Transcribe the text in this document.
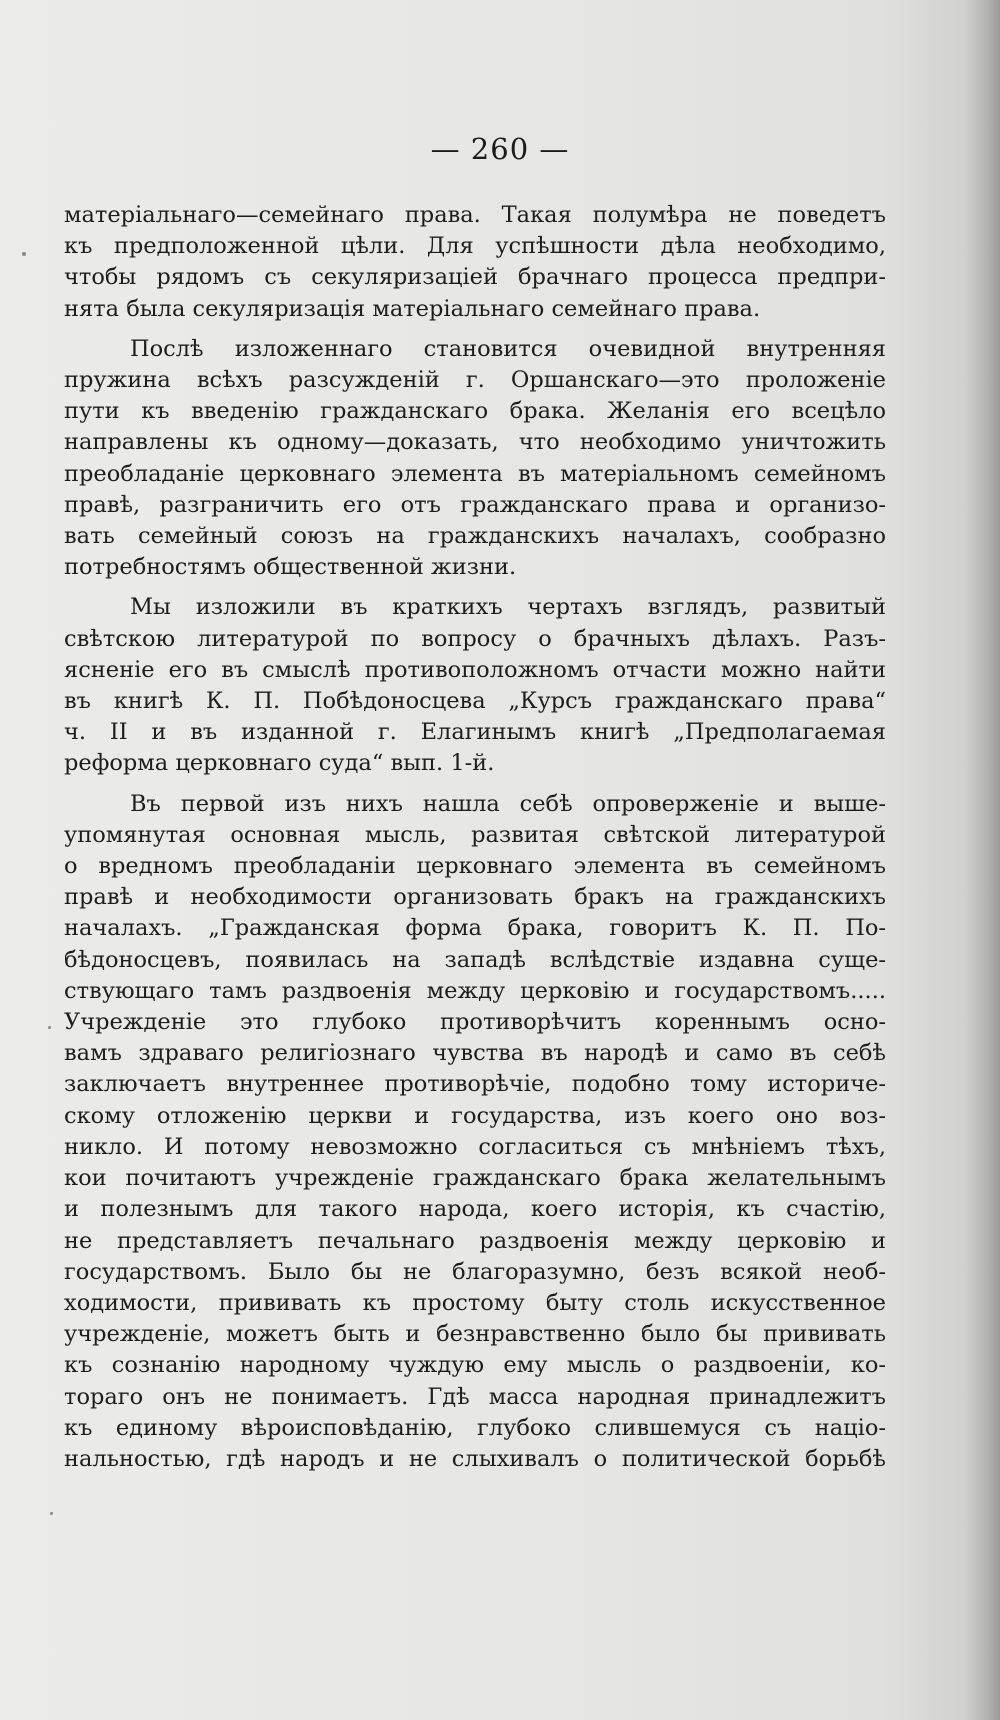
— 260 —
матеріальнаго—семейнаго права. Такая полумѣра не поведетъ
къ предположенной цѣли. Для успѣшности дѣла необходимо,
чтобы рядомъ съ секуляризаціей брачнаго процесса предпри-
нята была секуляризація матеріальнаго семейнаго права.
Послѣ изложеннаго становится очевидной внутренняя
пружина всѣхъ разсужденій г. Оршанскаго—это проложеніе
пути къ введенію гражданскаго брака. Желанія его всецѣло
направлены къ одному—доказать, что необходимо уничтожить
преобладаніе церковнаго элемента въ матеріальномъ семейномъ
правѣ, разграничить его отъ гражданскаго права и организо-
вать семейный союзъ на гражданскихъ началахъ, сообразно
потребностямъ общественной жизни.
Мы изложили въ краткихъ чертахъ взглядъ, развитый
свѣтскою литературой по вопросу о брачныхъ дѣлахъ. Разъ-
ясненіе его въ смыслѣ противоположномъ отчасти можно найти
въ книгѣ К. П. Побѣдоносцева „Курсъ гражданскаго права“
ч. II и въ изданной г. Елагинымъ книгѣ „Предполагаемая
реформа церковнаго суда“ вып. 1-й.
Въ первой изъ нихъ нашла себѣ опроверженіе и выше-
упомянутая основная мысль, развитая свѣтской литературой
о вредномъ преобладаніи церковнаго элемента въ семейномъ
правѣ и необходимости организовать бракъ на гражданскихъ
началахъ. „Гражданская форма брака, говоритъ К. П. По-
бѣдоносцевъ, появилась на западѣ вслѣдствіе издавна суще-
ствующаго тамъ раздвоенія между церковію и государствомъ.....
Учрежденіе это глубоко противорѣчитъ кореннымъ осно-
вамъ здраваго религіознаго чувства въ народѣ и само въ себѣ
заключаетъ внутреннее противорѣчіе, подобно тому историче-
скому отложенію церкви и государства, изъ коего оно воз-
никло. И потому невозможно согласиться съ мнѣніемъ тѣхъ,
кои почитаютъ учрежденіе гражданскаго брака желательнымъ
и полезнымъ для такого народа, коего исторія, къ счастію,
не представляетъ печальнаго раздвоенія между церковію и
государствомъ. Было бы не благоразумно, безъ всякой необ-
ходимости, прививать къ простому быту столь искусственное
учрежденіе, можетъ быть и безнравственно было бы прививать
къ сознанію народному чуждую ему мысль о раздвоеніи, ко-
тораго онъ не понимаетъ. Гдѣ масса народная принадлежитъ
къ единому вѣроисповѣданію, глубоко слившемуся съ націо-
нальностью, гдѣ народъ и не слыхивалъ о политической борьбѣ
